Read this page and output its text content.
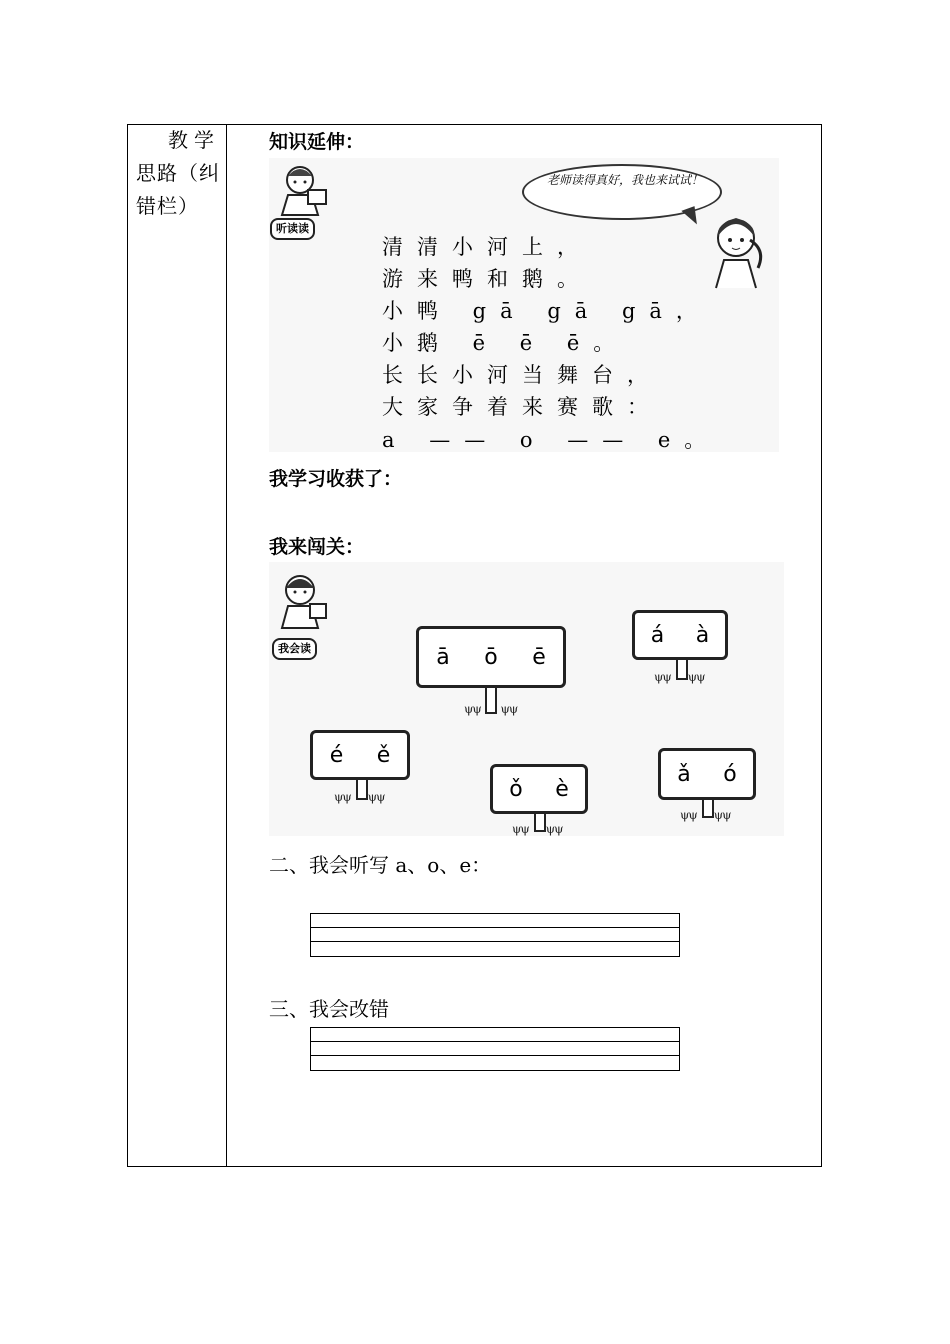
教学
思路（纠
错栏）
知识延伸：
听读读
老师读得真好，我也来试试！
清清小河上，
游来鸭和鹅。
小鸭 gā gā gā，
小鹅 ē ē ē。
长长小河当舞台，
大家争着来赛歌：
a —— o —— e。
我学习收获了：
我来闯关：
我会读	ā ō ē
ψψ       ψψ
á à
ψψ      ψψ
é ě
ψψ      ψψ	ǒ è
ψψ      ψψ
ǎ ó
ψψ      ψψ
二、我会听写 a、o、e：
三、我会改错
